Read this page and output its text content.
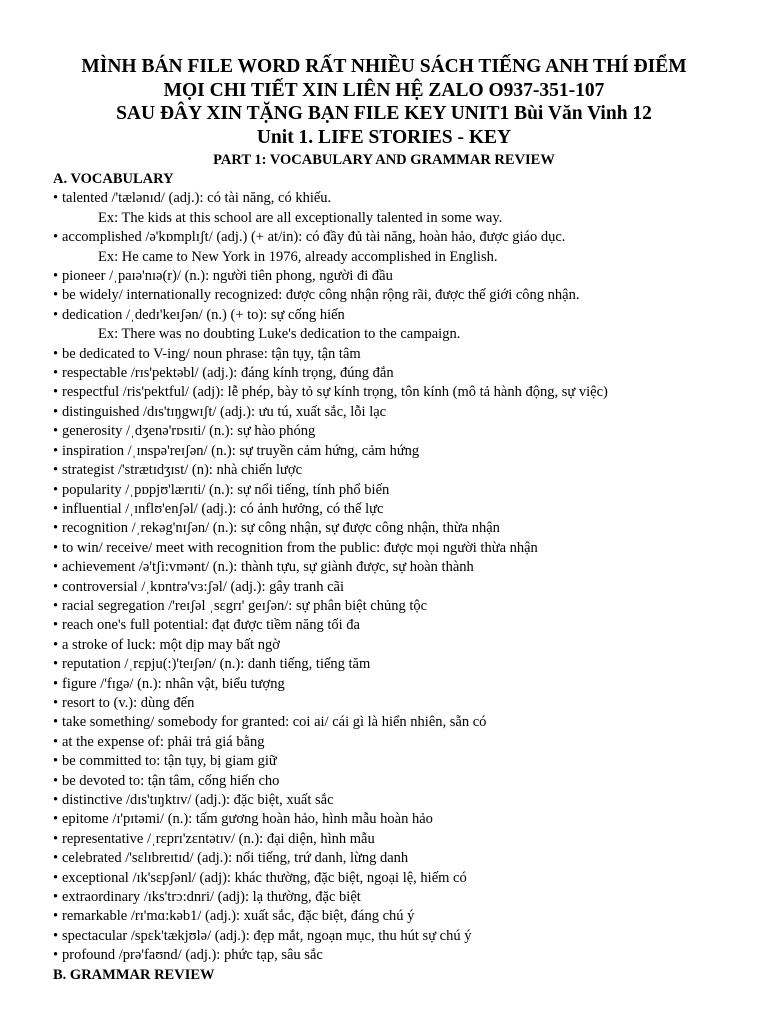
MÌNH BÁN FILE WORD RẤT NHIỀU SÁCH TIẾNG ANH THÍ ĐIỂM

MỌI CHI TIẾT XIN LIÊN HỆ ZALO O937-351-107

SAU ĐÂY XIN TẶNG BẠN FILE KEY UNIT1 Bùi Văn Vinh 12

Unit 1. LIFE STORIES - KEY

PART 1: VOCABULARY AND GRAMMAR REVIEW

A. VOCABULARY

• talented /'tælənɪd/ (adj.): có tài năng, có khiếu.
Ex: The kids at this school are all exceptionally talented in some way.
• accomplished /ə'kɒmplɪʃt/ (adj.) (+ at/in): có đầy đủ tài năng, hoàn hảo, được giáo dục.
Ex: He came to New York in 1976, already accomplished in English.
• pioneer /ˌpaɪə'nɪə(r)/ (n.): người tiên phong, người đi đầu
• be widely/ internationally recognized: được công nhận rộng rãi, được thế giới công nhận.
• dedication /ˌdedɪ'keɪʃən/ (n.) (+ to): sự cống hiến
Ex: There was no doubting Luke's dedication to the campaign.
• be dedicated to V-ing/ noun phrase: tận tụy, tận tâm
• respectable /rɪs'pektəbl/ (adj.): đáng kính trọng, đúng đắn
• respectful /ris'pektful/ (adj): lễ phép, bày tỏ sự kính trọng, tôn kính (mô tả hành động, sự việc)
• distinguished /dɪs'tɪŋgwɪʃt/ (adj.): ưu tú, xuất sắc, lỗi lạc
• generosity /ˌdʒenə'rɒsɪti/ (n.): sự hào phóng
• inspiration /ˌɪnspə'reɪʃən/ (n.): sự truyền cảm hứng, cảm hứng
• strategist /'strætɪdʒɪst/ (n): nhà chiến lược
• popularity /ˌpɒpjʊ'lærɪti/ (n.): sự nổi tiếng, tính phổ biến
• influential /ˌɪnflʊ'enʃəl/ (adj.): có ảnh hưởng, có thế lực
• recognition /ˌrekəg'nɪʃən/ (n.): sự công nhận, sự được công nhận, thừa nhận
• to win/ receive/ meet with recognition from the public: được mọi người thừa nhận
• achievement /ə'tʃi:vmənt/ (n.): thành tựu, sự giành được, sự hoàn thành
• controversial /ˌkɒntrə'vɜ:ʃəl/ (adj.): gây tranh cãi
• racial segregation /'reɪʃəl ˌsɛgrɪ' geɪʃən/: sự phân biệt chủng tộc
• reach one's full potential: đạt được tiềm năng tối đa
• a stroke of luck: một dịp may bất ngờ
• reputation /ˌrɛpju(:)'teɪʃən/ (n.): danh tiếng, tiếng tăm
• figure /'fɪgə/ (n.): nhân vật, biểu tượng
• resort to (v.): dùng đến
• take something/ somebody for granted: coi ai/ cái gì là hiển nhiên, sẵn có
• at the expense of: phải trả giá bằng
• be committed to: tận tụy, bị giam giữ
• be devoted to: tận tâm, cống hiến cho
• distinctive /dɪs'tɪŋktɪv/ (adj.): đặc biệt, xuất sắc
• epitome /ɪ'pɪtəmi/ (n.): tấm gương hoàn hảo, hình mẫu hoàn hảo
• representative /ˌrɛprɪ'zɛntətɪv/ (n.): đại diện, hình mẫu
• celebrated /'sɛlɪbreɪtɪd/ (adj.): nổi tiếng, trứ danh, lừng danh
• exceptional /ɪk'sɛpʃənl/ (adj): khác thường, đặc biệt, ngoại lệ, hiếm có
• extraordinary /ɪks'trɔ:dnri/ (adj): lạ thường, đặc biệt
• remarkable /rɪ'mɑ:kəb1/ (adj.): xuất sắc, đặc biệt, đáng chú ý
• spectacular /spɛk'tækjʊlə/ (adj.): đẹp mắt, ngoạn mục, thu hút sự chú ý
• profound /prə'faʊnd/ (adj.): phức tạp, sâu sắc

B. GRAMMAR REVIEW
